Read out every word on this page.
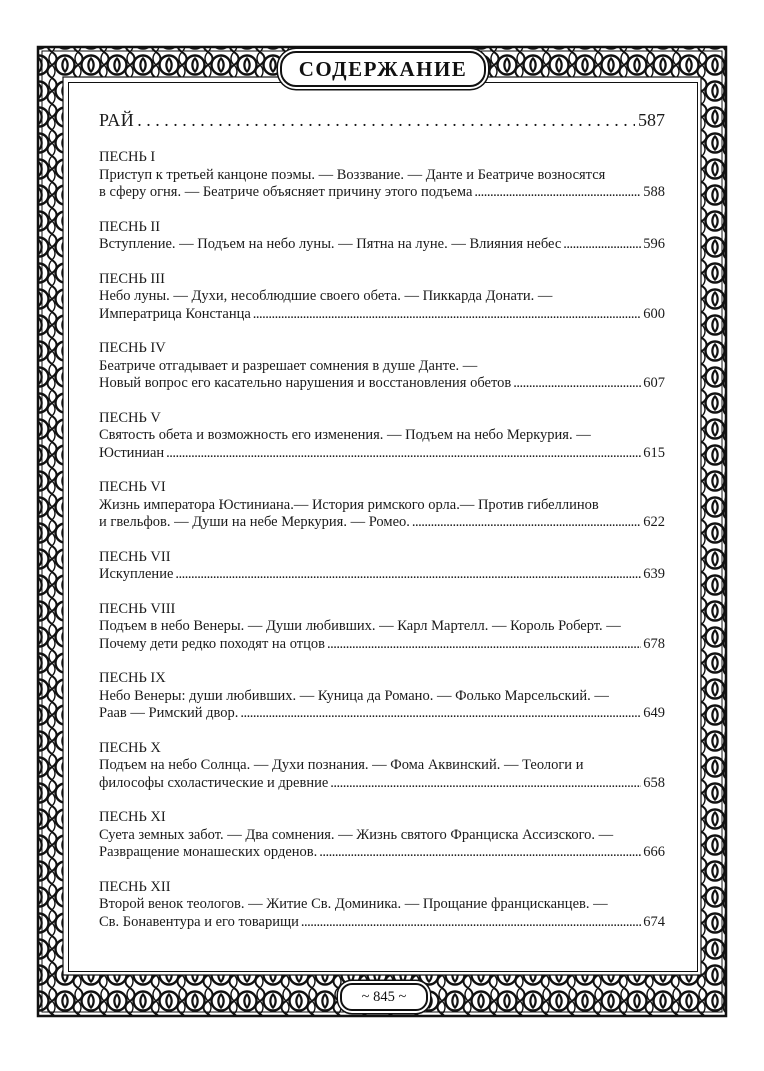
СОДЕРЖАНИЕ
РАЙ . . .	587
ПЕСНЬ I
Приступ к третьей канцоне поэмы. — Воззвание. — Данте и Беатриче возносятся
в сферу огня. — Беатриче объясняет причину этого подъема .....	588
ПЕСНЬ II
Вступление. — Подъем на небо луны. — Пятна на луне. — Влияния небес .....	596
ПЕСНЬ III
Небо луны. — Духи, несоблюдшие своего обета. — Пиккарда Донати. —
Императрица Констанца .....	600
ПЕСНЬ IV
Беатриче отгадывает и разрешает сомнения в душе Данте. —
Новый вопрос его касательно нарушения и восстановления обетов .....	607
ПЕСНЬ V
Святость обета и возможность его изменения. — Подъем на небо Меркурия. —
Юстиниан .....	615
ПЕСНЬ VI
Жизнь императора Юстиниана.— История римского орла.— Против гибеллинов
и гвельфов. — Души на небе Меркурия. — Ромео. .....	622
ПЕСНЬ VII
Искупление .....	639
ПЕСНЬ VIII
Подъем в небо Венеры. — Души любивших. — Карл Мартелл. — Король Роберт. —
Почему дети редко походят на отцов .....	678
ПЕСНЬ IX
Небо Венеры: души любивших. — Куница да Романо. — Фолько Марсельский. —
Раав — Римский двор. .....	649
ПЕСНЬ X
Подъем на небо Солнца. — Духи познания. — Фома Аквинский. — Теологи и
философы схоластические и древние .....	658
ПЕСНЬ XI
Суета земных забот. — Два сомнения. — Жизнь святого Франциска Ассизского. —
Развращение монашеских орденов. .....	666
ПЕСНЬ XII
Второй венок теологов. — Житие Св. Доминика. — Прощание францисканцев. —
Св. Бонавентура и его товарищи .....	674
~ 845 ~
